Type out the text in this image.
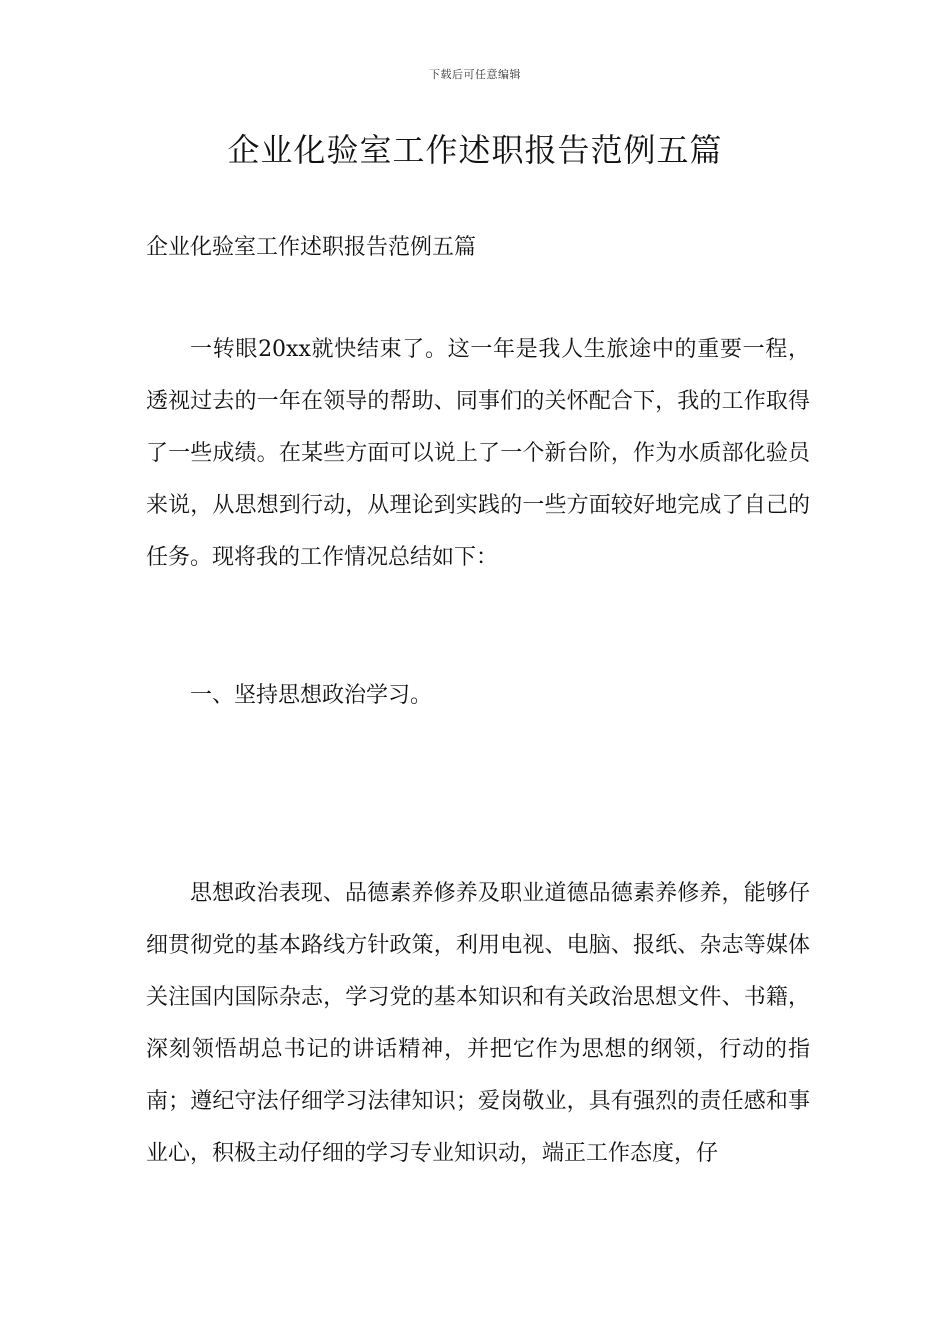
下载后可任意编辑
企业化验室工作述职报告范例五篇

企业化验室工作述职报告范例五篇

一转眼20xx就快结束了。这一年是我人生旅途中的重要一程，透视过去的一年在领导的帮助、同事们的关怀配合下，我的工作取得了一些成绩。在某些方面可以说上了一个新台阶，作为水质部化验员来说，从思想到行动，从理论到实践的一些方面较好地完成了自己的任务。现将我的工作情况总结如下：

一、坚持思想政治学习。

思想政治表现、品德素养修养及职业道德品德素养修养，能够仔细贯彻党的基本路线方针政策，利用电视、电脑、报纸、杂志等媒体关注国内国际杂志，学习党的基本知识和有关政治思想文件、书籍，深刻领悟胡总书记的讲话精神，并把它作为思想的纲领，行动的指南；遵纪守法仔细学习法律知识；爱岗敬业，具有强烈的责任感和事业心，积极主动仔细的学习专业知识动，端正工作态度，仔
